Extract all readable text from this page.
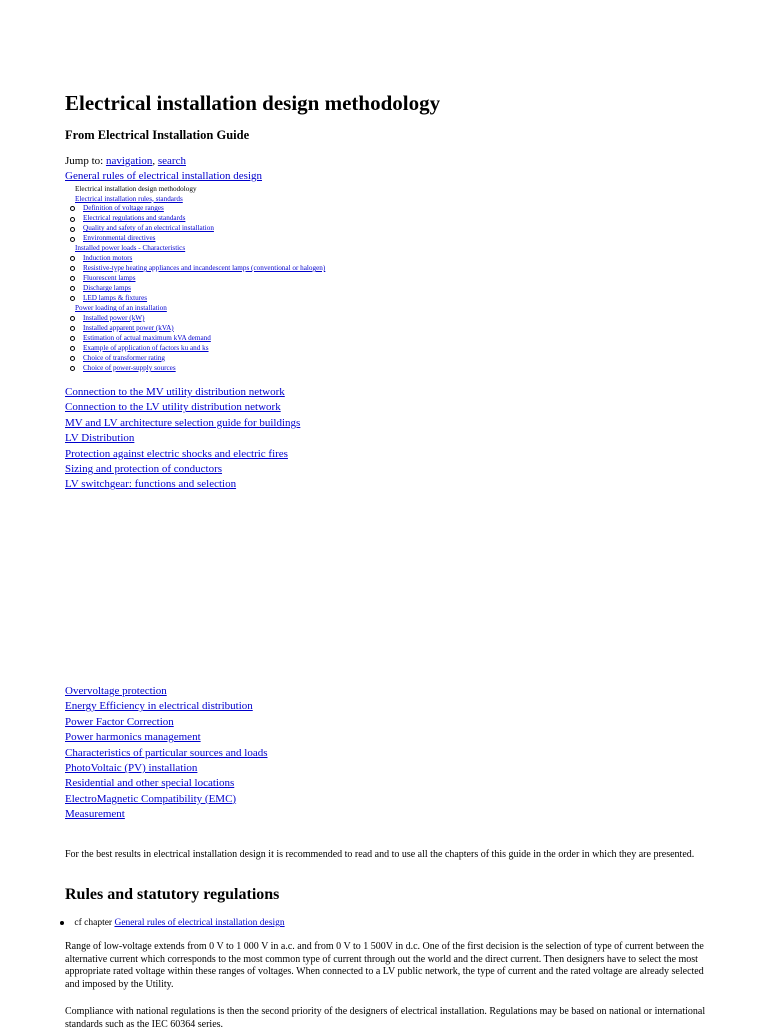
Electrical installation design methodology
From Electrical Installation Guide
Jump to: navigation, search
General rules of electrical installation design
Electrical installation design methodology
Electrical installation rules, standards
Definition of voltage ranges
Electrical regulations and standards
Quality and safety of an electrical installation
Environmental directives
Installed power loads - Characteristics
Induction motors
Resistive-type heating appliances and incandescent lamps (conventional or halogen)
Fluorescent lamps
Discharge lamps
LED lamps & fixtures
Power loading of an installation
Installed power (kW)
Installed apparent power (kVA)
Estimation of actual maximum kVA demand
Example of application of factors ku and ks
Choice of transformer rating
Choice of power-supply sources
Connection to the MV utility distribution network
Connection to the LV utility distribution network
MV and LV architecture selection guide for buildings
LV Distribution
Protection against electric shocks and electric fires
Sizing and protection of conductors
LV switchgear: functions and selection
Overvoltage protection
Energy Efficiency in electrical distribution
Power Factor Correction
Power harmonics management
Characteristics of particular sources and loads
PhotoVoltaic (PV) installation
Residential and other special locations
ElectroMagnetic Compatibility (EMC)
Measurement

For the best results in electrical installation design it is recommended to read and to use all the chapters of this guide in the order in which they are presented.

Rules and statutory regulations
cf chapter General rules of electrical installation design

Range of low-voltage extends from 0 V to 1 000 V in a.c. and from 0 V to 1 500V in d.c. One of the first decision is the selection of type of current between the alternative current which corresponds to the most common type of current through out the world and the direct current. Then designers have to select the most appropriate rated voltage within these ranges of voltages. When connected to a LV public network, the type of current and the rated voltage are already selected and imposed by the Utility.

Compliance with national regulations is then the second priority of the designers of electrical installation. Regulations may be based on national or international standards such as the IEC 60364 series.
